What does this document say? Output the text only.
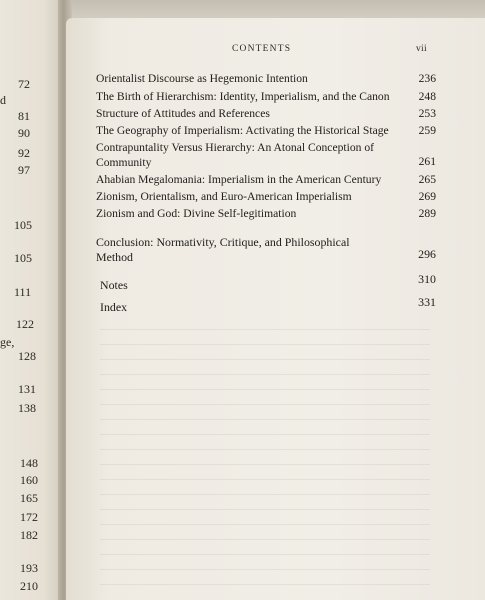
d
ge,
72
81
90
92
97
105
105
111
122
128
131
138
148
160
165
172
182
193
210
CONTENTS	vii
Orientalist Discourse as Hegemonic Intention	236
The Birth of Hierarchism: Identity, Imperialism, and the Canon	248
Structure of Attitudes and References	253
The Geography of Imperialism: Activating the Historical Stage	259
Contrapuntality Versus Hierarchy: An Atonal Conception of Community	261
Ahabian Megalomania: Imperialism in the American Century	265
Zionism, Orientalism, and Euro-American Imperialism	269
Zionism and God: Divine Self-legitimation	289
Conclusion: Normativity, Critique, and Philosophical Method	296
Notes	310
Index	331
